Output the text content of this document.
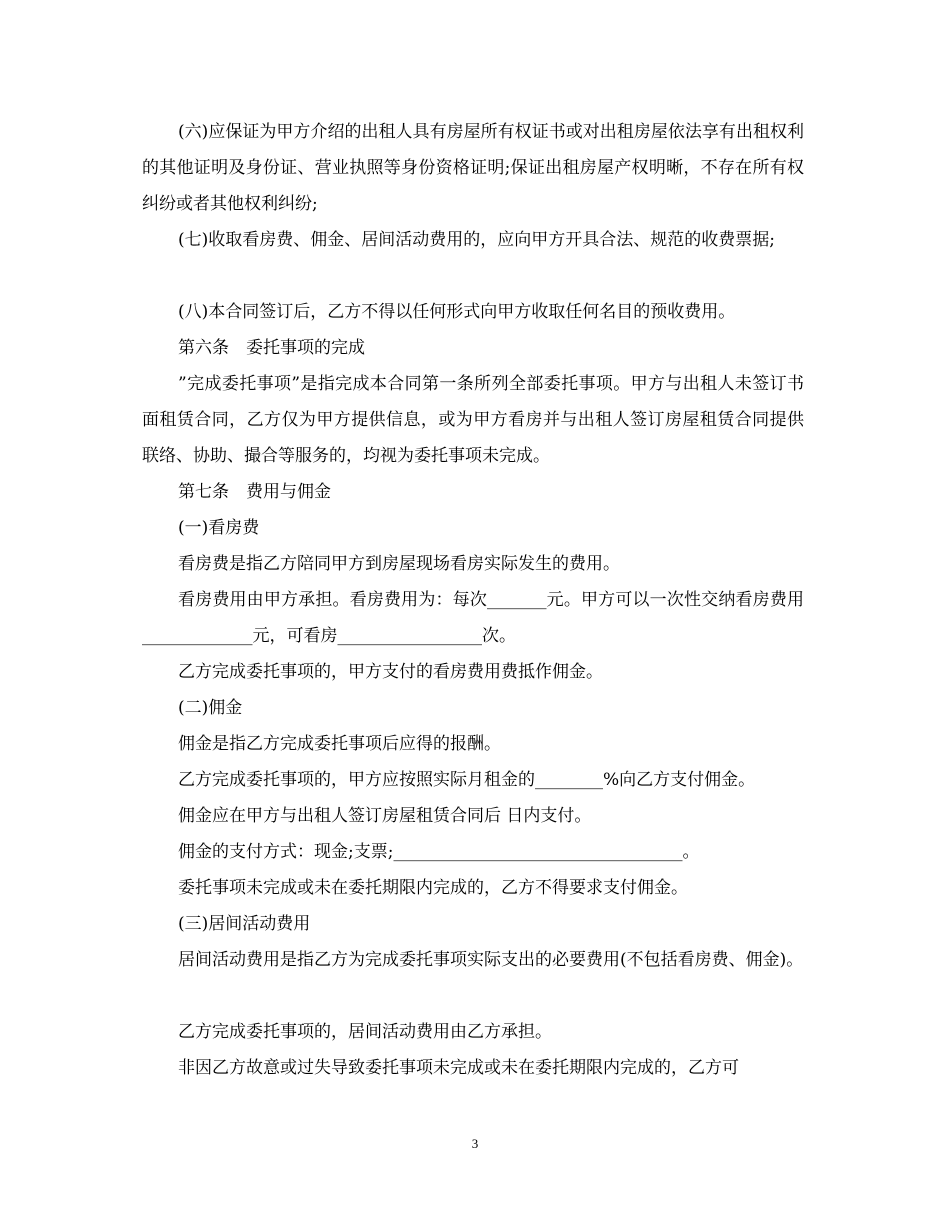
(六)应保证为甲方介绍的出租人具有房屋所有权证书或对出租房屋依法享有出租权利的其他证明及身份证、营业执照等身份资格证明;保证出租房屋产权明晰，不存在所有权纠纷或者其他权利纠纷;

(七)收取看房费、佣金、居间活动费用的，应向甲方开具合法、规范的收费票据;

(八)本合同签订后，乙方不得以任何形式向甲方收取任何名目的预收费用。

第六条　委托事项的完成

”完成委托事项”是指完成本合同第一条所列全部委托事项。甲方与出租人未签订书面租赁合同，乙方仅为甲方提供信息，或为甲方看房并与出租人签订房屋租赁合同提供联络、协助、撮合等服务的，均视为委托事项未完成。

第七条　费用与佣金

(一)看房费

看房费是指乙方陪同甲方到房屋现场看房实际发生的费用。

看房费用由甲方承担。看房费用为：每次_______元。甲方可以一次性交纳看房费用_____________元，可看房_________________次。

乙方完成委托事项的，甲方支付的看房费用费抵作佣金。

(二)佣金

佣金是指乙方完成委托事项后应得的报酬。

乙方完成委托事项的，甲方应按照实际月租金的________%向乙方支付佣金。

佣金应在甲方与出租人签订房屋租赁合同后 日内支付。

佣金的支付方式：现金;支票;__________________________________。

委托事项未完成或未在委托期限内完成的，乙方不得要求支付佣金。

(三)居间活动费用

居间活动费用是指乙方为完成委托事项实际支出的必要费用(不包括看房费、佣金)。

乙方完成委托事项的，居间活动费用由乙方承担。

非因乙方故意或过失导致委托事项未完成或未在委托期限内完成的，乙方可

3
